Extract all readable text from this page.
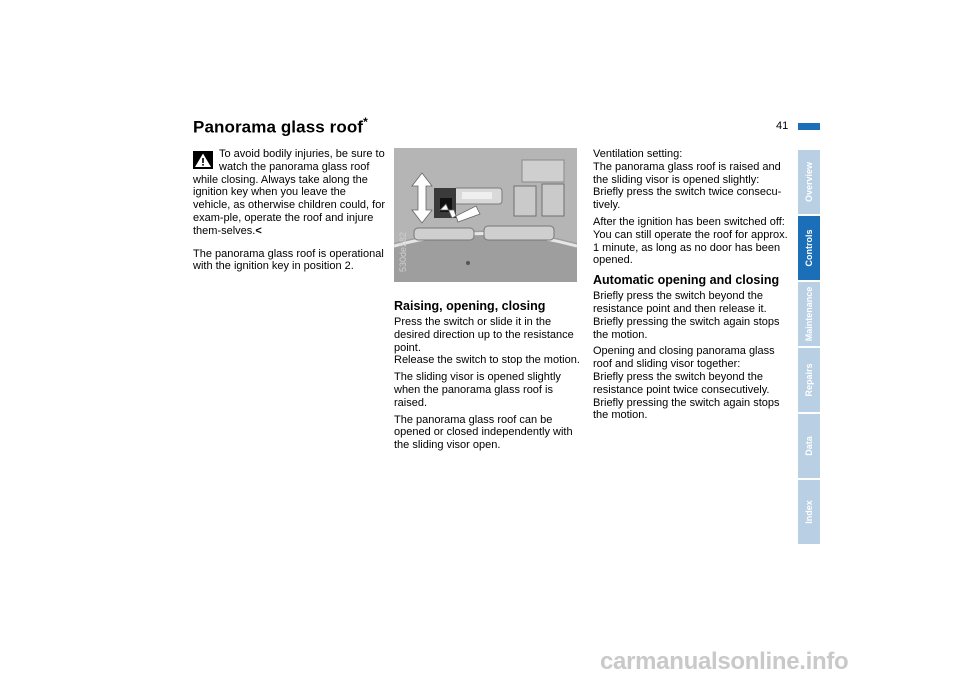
Panorama glass roof*	41

To avoid bodily injuries, be sure to
watch the panorama glass roof
while closing. Always take along the ignition key when you leave the vehicle, as otherwise children could, for exam-ple, operate the roof and injure them-selves.<

The panorama glass roof is operational with the ignition key in position 2.	530de282
Raising, opening, closing

Press the switch or slide it in the desired direction up to the resistance point.
Release the switch to stop the motion.

The sliding visor is opened slightly when the panorama glass roof is raised.

The panorama glass roof can be opened or closed independently with the sliding visor open.

Ventilation setting:
The panorama glass roof is raised and the sliding visor is opened slightly:
Briefly press the switch twice consecu-tively.

After the ignition has been switched off: You can still operate the roof for approx. 1 minute, as long as no door has been opened.

Automatic opening and closing

Briefly press the switch beyond the resistance point and then release it.
Briefly pressing the switch again stops the motion.

Opening and closing panorama glass roof and sliding visor together:
Briefly press the switch beyond the resistance point twice consecutively.
Briefly pressing the switch again stops the motion.

Overview
Controls
Maintenance
Repairs
Data
Index
carmanualsonline.info
